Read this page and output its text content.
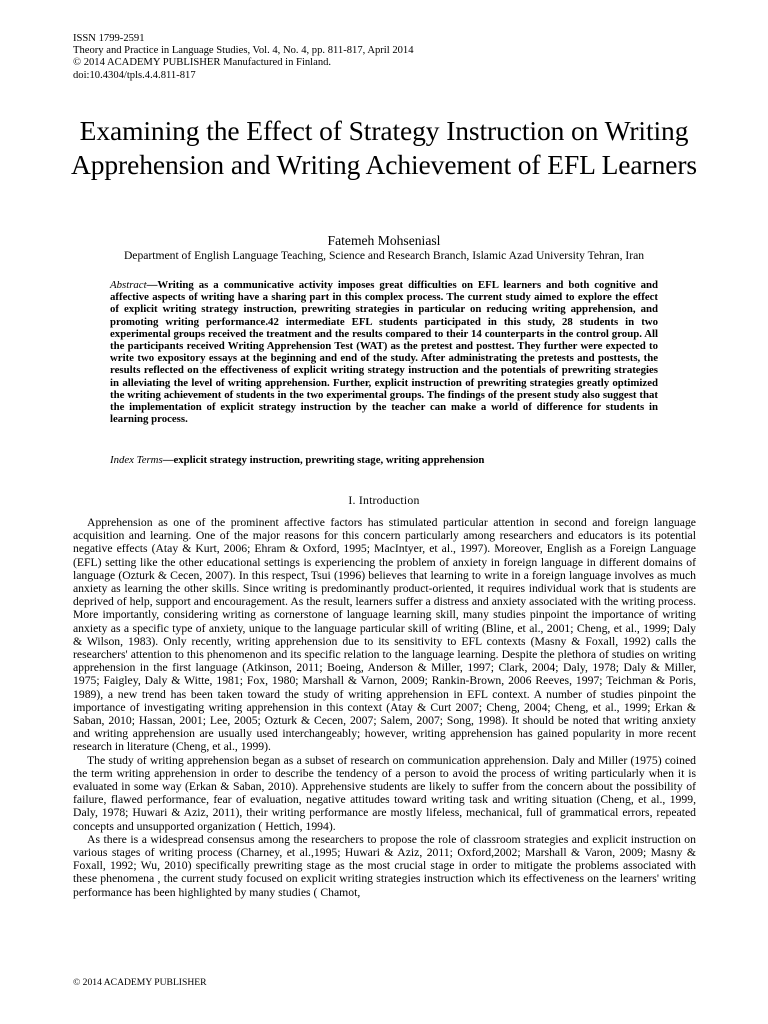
ISSN 1799-2591
Theory and Practice in Language Studies, Vol. 4, No. 4, pp. 811-817, April 2014
© 2014 ACADEMY PUBLISHER Manufactured in Finland.
doi:10.4304/tpls.4.4.811-817
Examining the Effect of Strategy Instruction on Writing Apprehension and Writing Achievement of EFL Learners
Fatemeh Mohseniasl
Department of English Language Teaching, Science and Research Branch, Islamic Azad University Tehran, Iran
Abstract—Writing as a communicative activity imposes great difficulties on EFL learners and both cognitive and affective aspects of writing have a sharing part in this complex process. The current study aimed to explore the effect of explicit writing strategy instruction, prewriting strategies in particular on reducing writing apprehension, and promoting writing performance.42 intermediate EFL students participated in this study, 28 students in two experimental groups received the treatment and the results compared to their 14 counterparts in the control group. All the participants received Writing Apprehension Test (WAT) as the pretest and posttest. They further were expected to write two expository essays at the beginning and end of the study. After administrating the pretests and posttests, the results reflected on the effectiveness of explicit writing strategy instruction and the potentials of prewriting strategies in alleviating the level of writing apprehension. Further, explicit instruction of prewriting strategies greatly optimized the writing achievement of students in the two experimental groups. The findings of the present study also suggest that the implementation of explicit strategy instruction by the teacher can make a world of difference for students in learning process.
Index Terms—explicit strategy instruction, prewriting stage, writing apprehension
I. Introduction

Apprehension as one of the prominent affective factors has stimulated particular attention in second and foreign language acquisition and learning. One of the major reasons for this concern particularly among researchers and educators is its potential negative effects (Atay & Kurt, 2006; Ehram & Oxford, 1995; MacIntyer, et al., 1997). Moreover, English as a Foreign Language (EFL) setting like the other educational settings is experiencing the problem of anxiety in foreign language in different domains of language (Ozturk & Cecen, 2007). In this respect, Tsui (1996) believes that learning to write in a foreign language involves as much anxiety as learning the other skills. Since writing is predominantly product-oriented, it requires individual work that is students are deprived of help, support and encouragement. As the result, learners suffer a distress and anxiety associated with the writing process. More importantly, considering writing as cornerstone of language learning skill, many studies pinpoint the importance of writing anxiety as a specific type of anxiety, unique to the language particular skill of writing (Bline, et al., 2001; Cheng, et al., 1999; Daly & Wilson, 1983). Only recently, writing apprehension due to its sensitivity to EFL contexts (Masny & Foxall, 1992) calls the researchers' attention to this phenomenon and its specific relation to the language learning. Despite the plethora of studies on writing apprehension in the first language (Atkinson, 2011; Boeing, Anderson & Miller, 1997; Clark, 2004; Daly, 1978; Daly & Miller, 1975; Faigley, Daly & Witte, 1981; Fox, 1980; Marshall & Varnon, 2009; Rankin-Brown, 2006 Reeves, 1997; Teichman & Poris, 1989), a new trend has been taken toward the study of writing apprehension in EFL context. A number of studies pinpoint the importance of investigating writing apprehension in this context (Atay & Curt 2007; Cheng, 2004; Cheng, et al., 1999; Erkan & Saban, 2010; Hassan, 2001; Lee, 2005; Ozturk & Cecen, 2007; Salem, 2007; Song, 1998). It should be noted that writing anxiety and writing apprehension are usually used interchangeably; however, writing apprehension has gained popularity in more recent research in literature (Cheng, et al., 1999).

The study of writing apprehension began as a subset of research on communication apprehension. Daly and Miller (1975) coined the term writing apprehension in order to describe the tendency of a person to avoid the process of writing particularly when it is evaluated in some way (Erkan & Saban, 2010). Apprehensive students are likely to suffer from the concern about the possibility of failure, flawed performance, fear of evaluation, negative attitudes toward writing task and writing situation (Cheng, et al., 1999, Daly, 1978; Huwari & Aziz, 2011), their writing performance are mostly lifeless, mechanical, full of grammatical errors, repeated concepts and unsupported organization ( Hettich, 1994).

As there is a widespread consensus among the researchers to propose the role of classroom strategies and explicit instruction on various stages of writing process (Charney, et al.,1995; Huwari & Aziz, 2011; Oxford,2002; Marshall & Varon, 2009; Masny & Foxall, 1992; Wu, 2010) specifically prewriting stage as the most crucial stage in order to mitigate the problems associated with these phenomena , the current study focused on explicit writing strategies instruction which its effectiveness on the learners' writing performance has been highlighted by many studies ( Chamot,

© 2014 ACADEMY PUBLISHER
